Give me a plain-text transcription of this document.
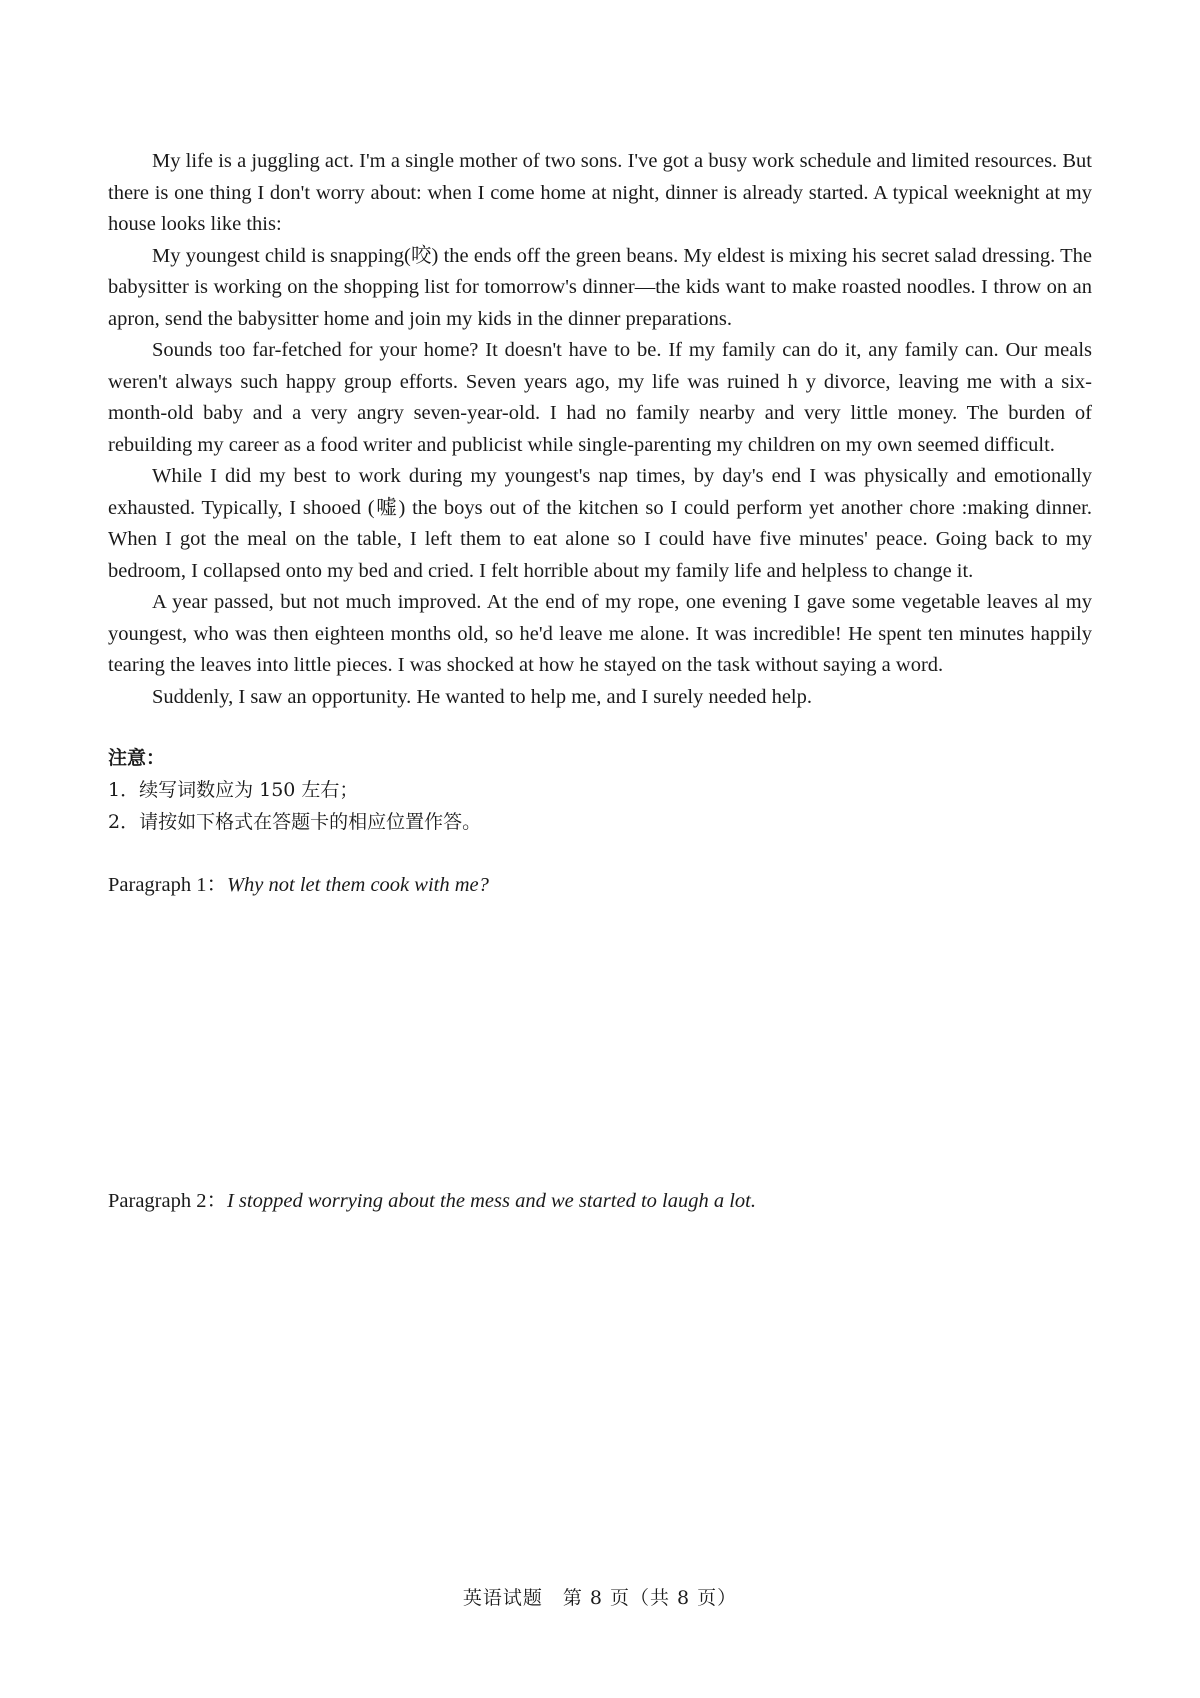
My life is a juggling act. I'm a single mother of two sons. I've got a busy work schedule and limited resources. But there is one thing I don't worry about: when I come home at night, dinner is already started. A typical weeknight at my house looks like this:

My youngest child is snapping(咬) the ends off the green beans. My eldest is mixing his secret salad dressing. The babysitter is working on the shopping list for tomorrow's dinner—the kids want to make roasted noodles. I throw on an apron, send the babysitter home and join my kids in the dinner preparations.

Sounds too far-fetched for your home? It doesn't have to be. If my family can do it, any family can. Our meals weren't always such happy group efforts. Seven years ago, my life was ruined h y divorce, leaving me with a six-month-old baby and a very angry seven-year-old. I had no family nearby and very little money. The burden of rebuilding my career as a food writer and publicist while single-parenting my children on my own seemed difficult.

While I did my best to work during my youngest's nap times, by day's end I was physically and emotionally exhausted. Typically, I shooed (嘘) the boys out of the kitchen so I could perform yet another chore :making dinner. When I got the meal on the table, I left them to eat alone so I could have five minutes' peace. Going back to my bedroom, I collapsed onto my bed and cried. I felt horrible about my family life and helpless to change it.

A year passed, but not much improved. At the end of my rope, one evening I gave some vegetable leaves al my youngest, who was then eighteen months old, so he'd leave me alone. It was incredible! He spent ten minutes happily tearing the leaves into little pieces. I was shocked at how he stayed on the task without saying a word.

Suddenly, I saw an opportunity. He wanted to help me, and I surely needed help.

注意：

1．续写词数应为 150 左右；

2．请按如下格式在答题卡的相应位置作答。

Paragraph 1：Why not let them cook with me?

Paragraph 2：I stopped worrying about the mess and we started to laugh a lot.

英语试题　第 8 页（共 8 页）
